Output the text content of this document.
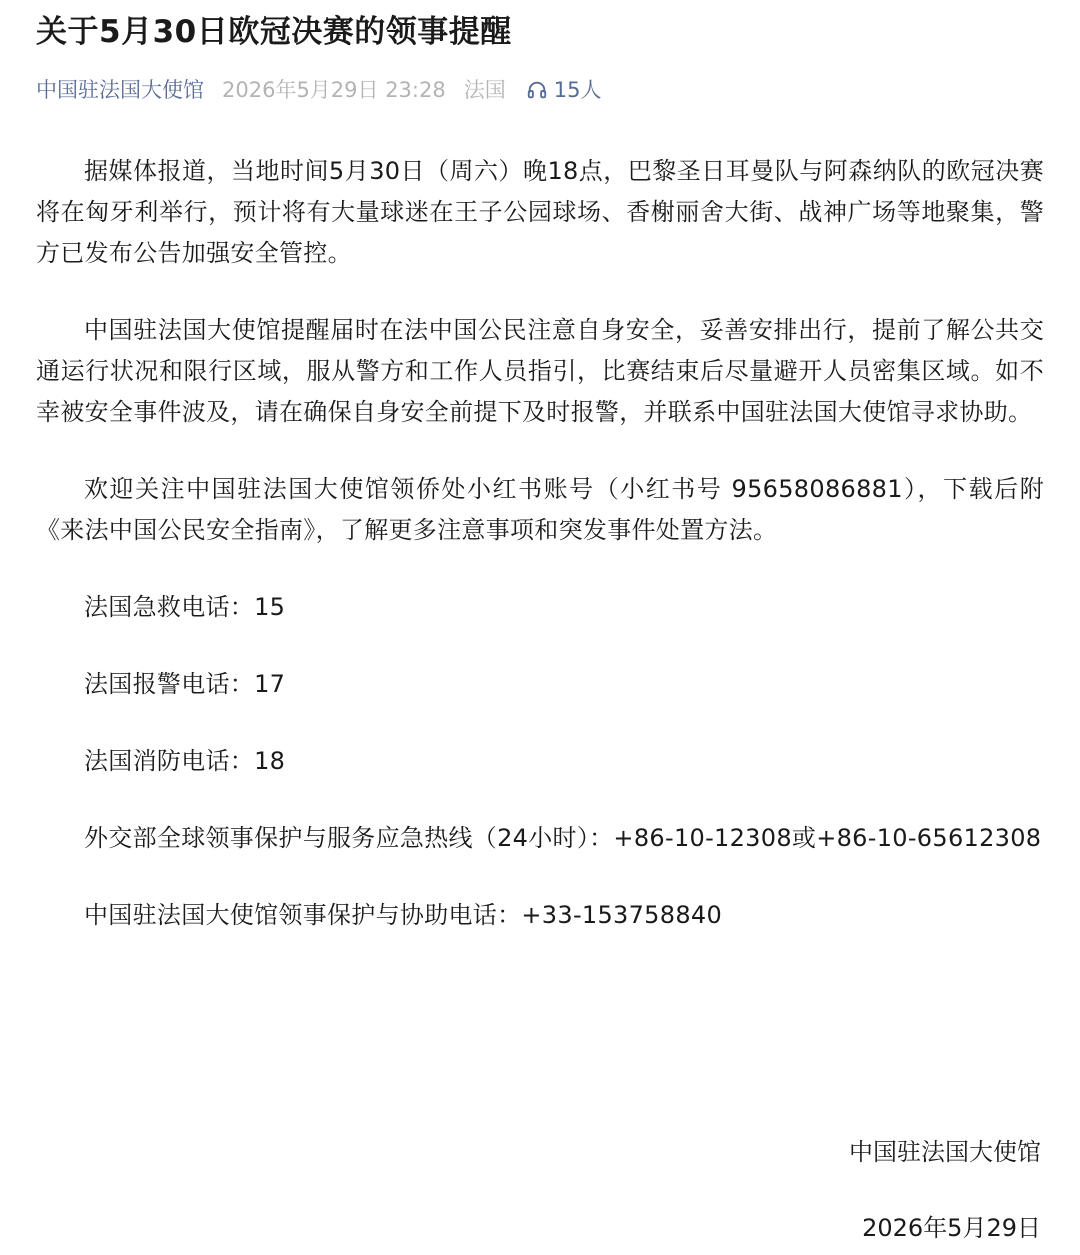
关于5月30日欧冠决赛的领事提醒
中国驻法国大使馆 2026年5月29日 23:28 法国 15人

据媒体报道，当地时间5月30日（周六）晚18点，巴黎圣日耳曼队与阿森纳队的欧冠决赛将在匈牙利举行，预计将有大量球迷在王子公园球场、香榭丽舍大街、战神广场等地聚集，警方已发布公告加强安全管控。

中国驻法国大使馆提醒届时在法中国公民注意自身安全，妥善安排出行，提前了解公共交通运行状况和限行区域，服从警方和工作人员指引，比赛结束后尽量避开人员密集区域。如不幸被安全事件波及，请在确保自身安全前提下及时报警，并联系中国驻法国大使馆寻求协助。

欢迎关注中国驻法国大使馆领侨处小红书账号（小红书号 95658086881），下载后附《来法中国公民安全指南》，了解更多注意事项和突发事件处置方法。

法国急救电话：15

法国报警电话：17

法国消防电话：18

外交部全球领事保护与服务应急热线（24小时）：+86-10-12308或+86-10-65612308

中国驻法国大使馆领事保护与协助电话：+33-153758840

中国驻法国大使馆
2026年5月29日
